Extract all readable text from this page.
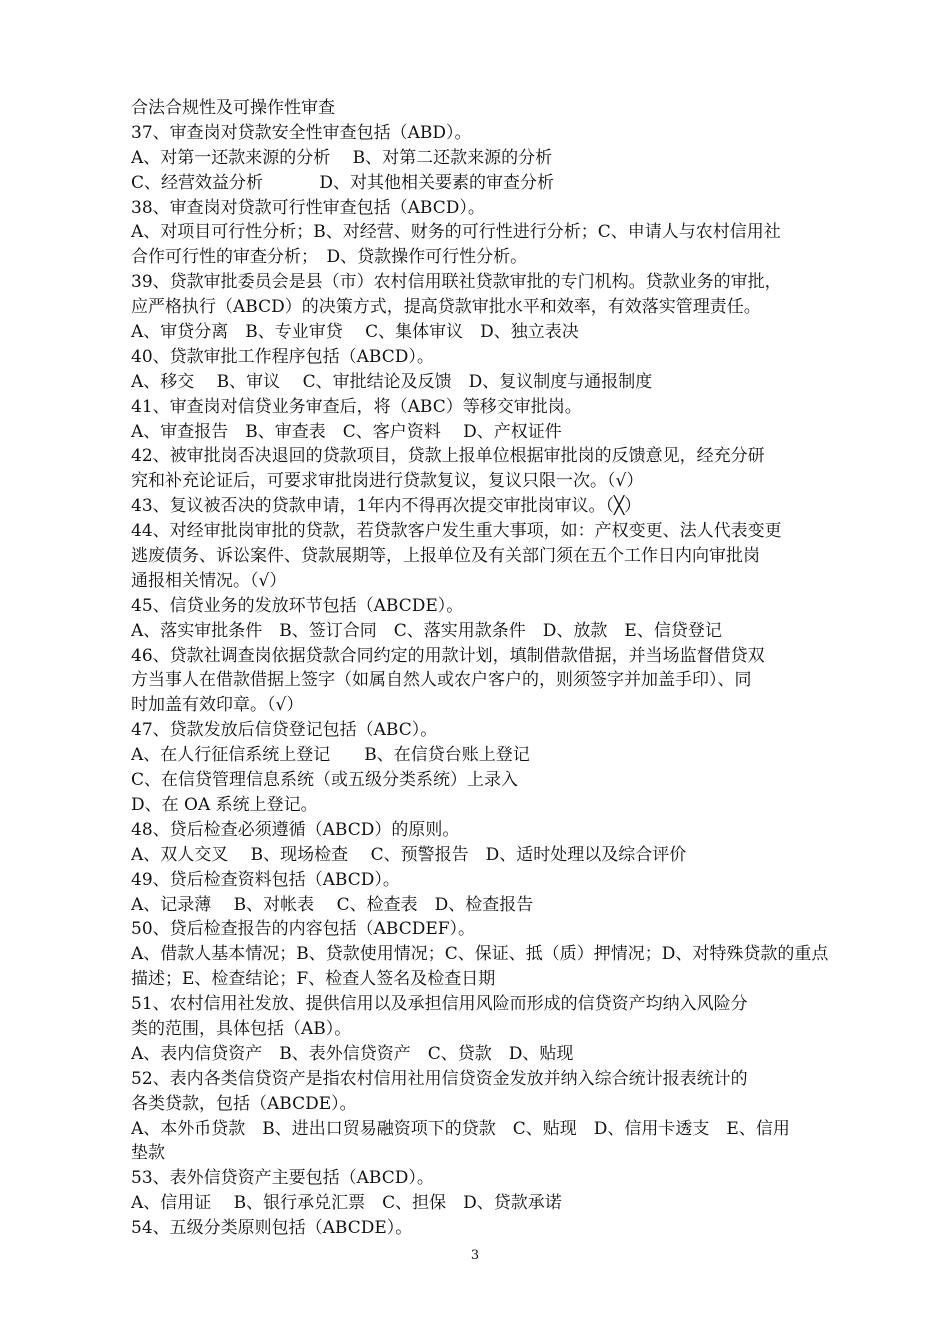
合法合规性及可操作性审查
37、审查岗对贷款安全性审查包括（ABD）。
A、对第一还款来源的分析　 B、对第二还款来源的分析
C、经营效益分析　　　 D、对其他相关要素的审查分析
38、审查岗对贷款可行性审查包括（ABCD）。
A、对项目可行性分析；B、对经营、财务的可行性进行分析；C、申请人与农村信用社
合作可行性的审查分析；　D、贷款操作可行性分析。
39、贷款审批委员会是县（市）农村信用联社贷款审批的专门机构。贷款业务的审批，
应严格执行（ABCD）的决策方式，提高贷款审批水平和效率，有效落实管理责任。
A、审贷分离　B、专业审贷　 C、集体审议　D、独立表决
40、贷款审批工作程序包括（ABCD）。
A、移交　 B、审议　 C、审批结论及反馈　D、复议制度与通报制度
41、审查岗对信贷业务审查后，将（ABC）等移交审批岗。
A、审查报告　B、审查表　C、客户资料　 D、产权证件
42、被审批岗否决退回的贷款项目，贷款上报单位根据审批岗的反馈意见，经充分研
究和补充论证后，可要求审批岗进行贷款复议，复议只限一次。（√）
43、复议被否决的贷款申请，1年内不得再次提交审批岗审议。（╳）
44、对经审批岗审批的贷款，若贷款客户发生重大事项，如：产权变更、法人代表变更
逃废债务、诉讼案件、贷款展期等，上报单位及有关部门须在五个工作日内向审批岗
通报相关情况。（√）
45、信贷业务的发放环节包括（ABCDE）。
A、落实审批条件　B、签订合同　C、落实用款条件　D、放款　E、信贷登记
46、贷款社调查岗依据贷款合同约定的用款计划，填制借款借据，并当场监督借贷双
方当事人在借款借据上签字（如属自然人或农户客户的，则须签字并加盖手印）、同
时加盖有效印章。（√）
47、贷款发放后信贷登记包括（ABC）。
A、在人行征信系统上登记　　B、在信贷台账上登记
C、在信贷管理信息系统（或五级分类系统）上录入
D、在 OA 系统上登记。
48、贷后检查必须遵循（ABCD）的原则。
A、双人交叉　 B、现场检查　 C、预警报告　D、适时处理以及综合评价
49、贷后检查资料包括（ABCD）。
A、记录薄　 B、对帐表　 C、检查表　D、检查报告
50、贷后检查报告的内容包括（ABCDEF）。
A、借款人基本情况；B、贷款使用情况；C、保证、抵（质）押情况；D、对特殊贷款的重点
描述；E、检查结论；F、检查人签名及检查日期
51、农村信用社发放、提供信用以及承担信用风险而形成的信贷资产均纳入风险分
类的范围，具体包括（AB）。
A、表内信贷资产　B、表外信贷资产　C、贷款　D、贴现
52、表内各类信贷资产是指农村信用社用信贷资金发放并纳入综合统计报表统计的
各类贷款，包括（ABCDE）。
A、本外币贷款　B、进出口贸易融资项下的贷款　C、贴现　D、信用卡透支　E、信用
垫款
53、表外信贷资产主要包括（ABCD）。
A、信用证　 B、银行承兑汇票　C、担保　D、贷款承诺
54、五级分类原则包括（ABCDE）。
3
